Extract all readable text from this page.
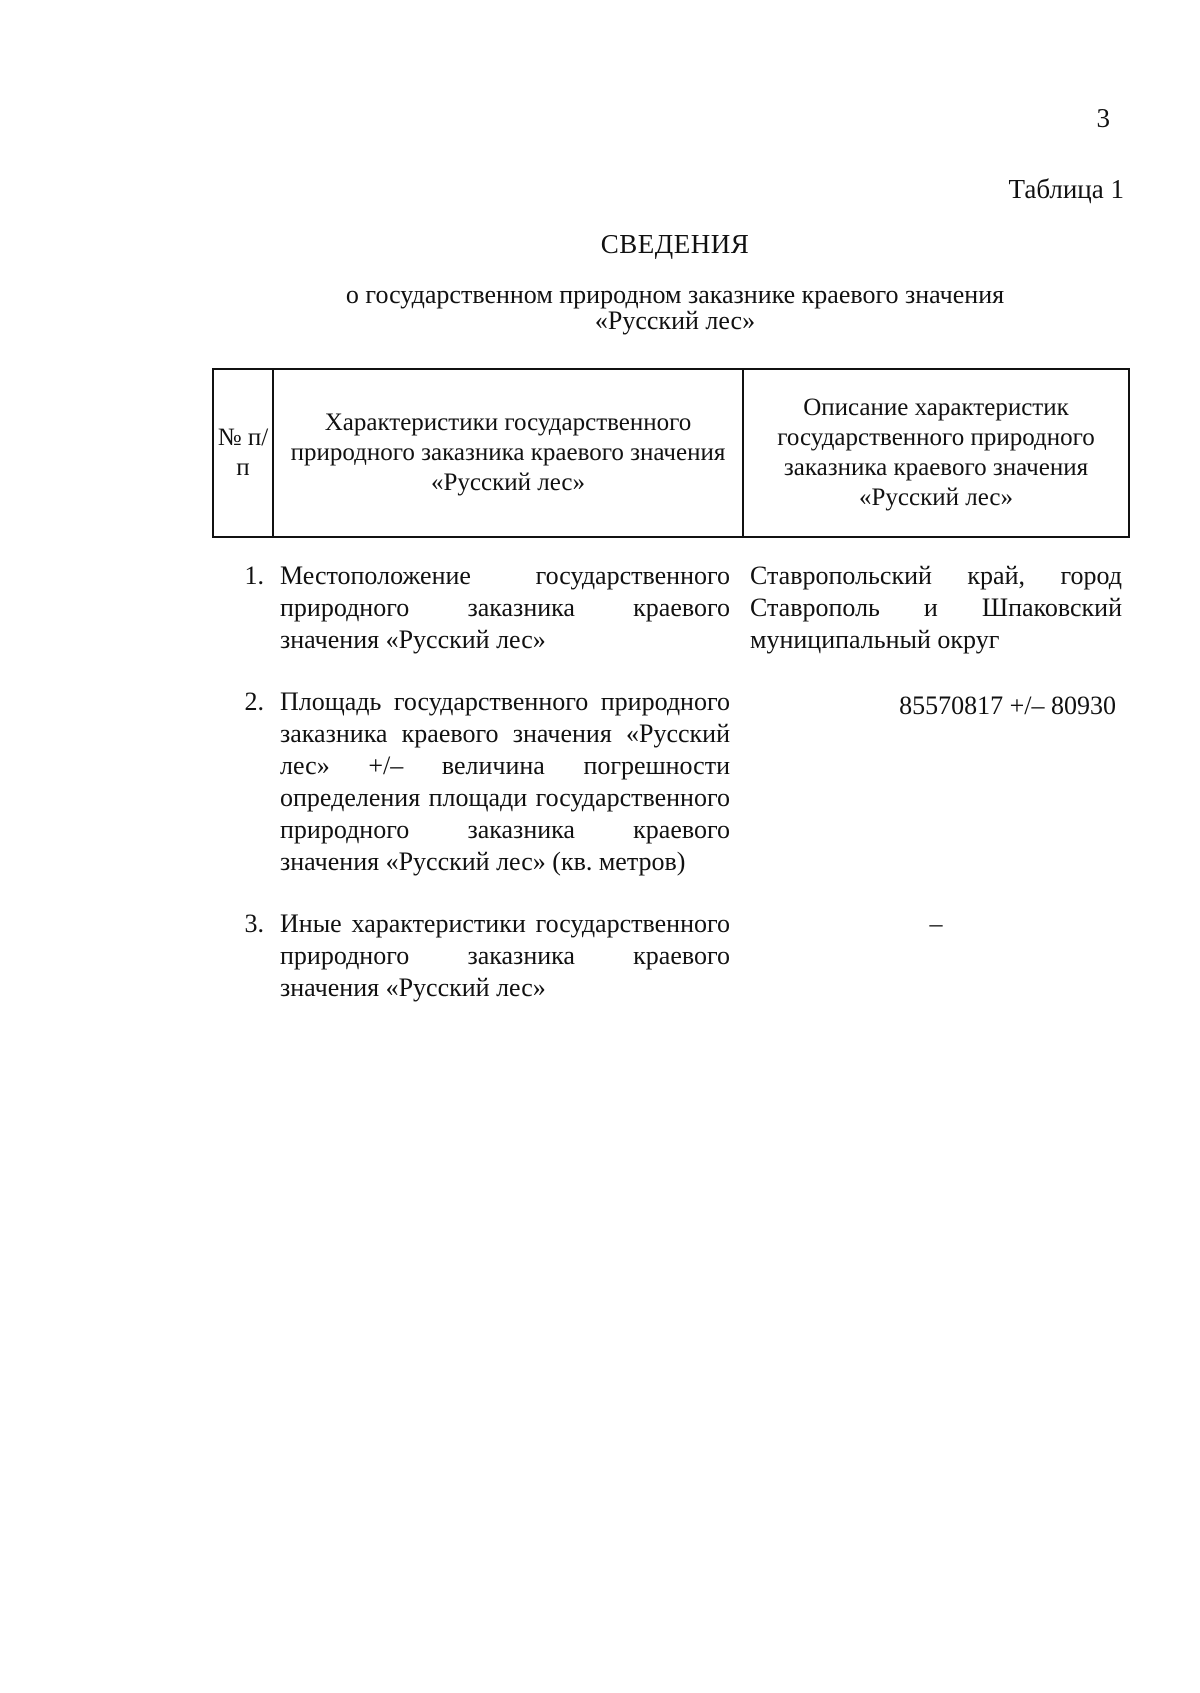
3
Таблица 1
СВЕДЕНИЯ
о государственном природном заказнике краевого значения
«Русский лес»
№ п/п
Характеристики государственного природного заказника краевого значения «Русский лес»
Описание характеристик государственного природного заказника краевого значения «Русский лес»
1. Местоположение государственного природного заказника краевого значения «Русский лес»
Ставропольский край, город Ставрополь и Шпаковский муниципальный округ
2. Площадь государственного природного заказника краевого значения «Русский лес» +/– величина погрешности определения площади государственного природного заказника краевого значения «Русский лес» (кв. метров)
85570817 +/– 80930
3. Иные характеристики государственного природного заказника краевого значения «Русский лес»
–
